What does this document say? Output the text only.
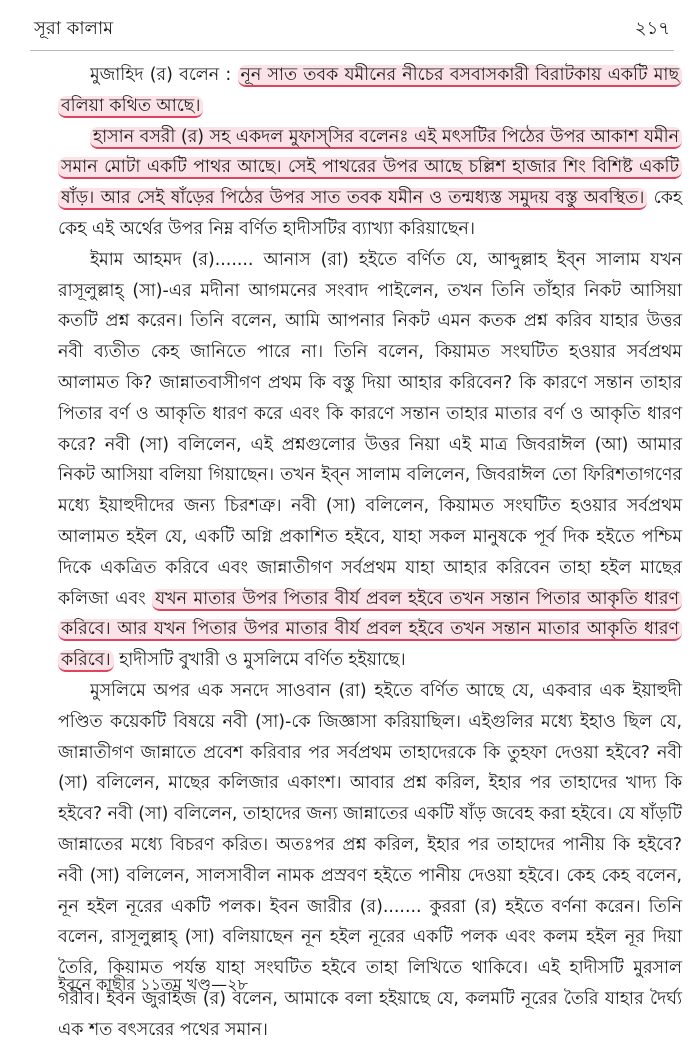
সূরা কালাম	২১৭

মুজাহিদ (র) বলেন : নূন সাত তবক যমীনের নীচের বসবাসকারী বিরাটকায় একটি মাছ বলিয়া কথিত আছে।

হাসান বসরী (র) সহ একদল মুফাস্‌সির বলেনঃ এই মৎসটির পিঠের উপর আকাশ যমীন সমান মোটা একটি পাথর আছে। সেই পাথরের উপর আছে চল্লিশ হাজার শিং বিশিষ্ট একটি ষাঁড়। আর সেই ষাঁড়ের পিঠের উপর সাত তবক যমীন ও তন্মধ্যস্ত সমুদয় বস্তু অবস্থিত। কেহ কেহ এই অর্থের উপর নিম্ন বর্ণিত হাদীসটির ব্যাখ্যা করিয়াছেন।

ইমাম আহমদ (র)....... আনাস (রা) হইতে বর্ণিত যে, আব্দুল্লাহ ইব্‌ন সালাম যখন রাসূলুল্লাহ্ (সা)-এর মদীনা আগমনের সংবাদ পাইলেন, তখন তিনি তাঁহার নিকট আসিয়া কতটি প্রশ্ন করেন। তিনি বলেন, আমি আপনার নিকট এমন কতক প্রশ্ন করিব যাহার উত্তর নবী ব্যতীত কেহ জানিতে পারে না। তিনি বলেন, কিয়ামত সংঘটিত হওয়ার সর্বপ্রথম আলামত কি? জান্নাতবাসীগণ প্রথম কি বস্তু দিয়া আহার করিবেন? কি কারণে সন্তান তাহার পিতার বর্ণ ও আকৃতি ধারণ করে এবং কি কারণে সন্তান তাহার মাতার বর্ণ ও আকৃতি ধারণ করে? নবী (সা) বলিলেন, এই প্রশ্নগুলোর উত্তর নিয়া এই মাত্র জিবরাঈল (আ) আমার নিকট আসিয়া বলিয়া গিয়াছেন। তখন ইব্‌ন সালাম বলিলেন, জিবরাঈল তো ফিরিশতাগণের মধ্যে ইয়াহুদীদের জন্য চিরশত্রু। নবী (সা) বলিলেন, কিয়ামত সংঘটিত হওয়ার সর্বপ্রথম আলামত হইল যে, একটি অগ্নি প্রকাশিত হইবে, যাহা সকল মানুষকে পূর্ব দিক হইতে পশ্চিম দিকে একত্রিত করিবে এবং জান্নাতীগণ সর্বপ্রথম যাহা আহার করিবেন তাহা হইল মাছের কলিজা এবং যখন মাতার উপর পিতার বীর্য প্রবল হইবে তখন সন্তান পিতার আকৃতি ধারণ করিবে। আর যখন পিতার উপর মাতার বীর্য প্রবল হইবে তখন সন্তান মাতার আকৃতি ধারণ করিবে। হাদীসটি বুখারী ও মুসলিমে বর্ণিত হইয়াছে।

মুসলিমে অপর এক সনদে সাওবান (রা) হইতে বর্ণিত আছে যে, একবার এক ইয়াহুদী পণ্ডিত কয়েকটি বিষয়ে নবী (সা)-কে জিজ্ঞাসা করিয়াছিল। এইগুলির মধ্যে ইহাও ছিল যে, জান্নাতীগণ জান্নাতে প্রবেশ করিবার পর সর্বপ্রথম তাহাদেরকে কি তুহফা দেওয়া হইবে? নবী (সা) বলিলেন, মাছের কলিজার একাংশ। আবার প্রশ্ন করিল, ইহার পর তাহাদের খাদ্য কি হইবে? নবী (সা) বলিলেন, তাহাদের জন্য জান্নাতের একটি ষাঁড় জবেহ করা হইবে। যে ষাঁড়টি জান্নাতের মধ্যে বিচরণ করিত। অতঃপর প্রশ্ন করিল, ইহার পর তাহাদের পানীয় কি হইবে? নবী (সা) বলিলেন, সালসাবীল নামক প্রস্রবণ হইতে পানীয় দেওয়া হইবে। কেহ কেহ বলেন, নূন হইল নূরের একটি পলক। ইবন জারীর (র)....... কুররা (র) হইতে বর্ণনা করেন। তিনি বলেন, রাসূলুল্লাহ্ (সা) বলিয়াছেন নূন হইল নূরের একটি পলক এবং কলম হইল নূর দিয়া তৈরি, কিয়ামত পর্যন্ত যাহা সংঘটিত হইবে তাহা লিখিতে থাকিবে। এই হাদীসটি মুরসাল গরীব। ইবন জুরাইজ (র) বলেন, আমাকে বলা হইয়াছে যে, কলমটি নূরের তৈরি যাহার দৈর্ঘ্য এক শত বৎসরের পথের সমান।

ইবনে কাছীর ১১তম খণ্ড—২৮
